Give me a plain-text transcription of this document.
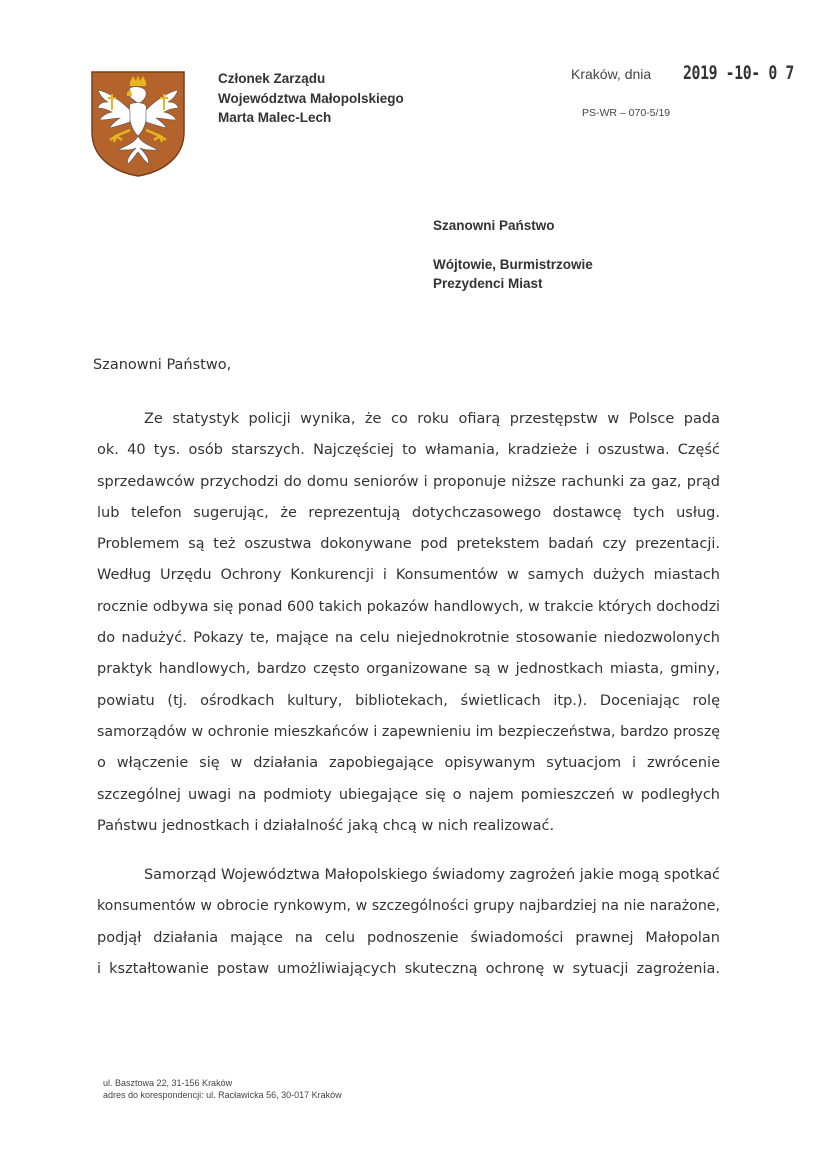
Członek Zarządu
Województwa Małopolskiego
Marta Malec-Lech
Kraków, dnia 2019 -10- 0 7
PS-WR – 070-5/19
Szanowni Państwo
Wójtowie, Burmistrzowie
Prezydenci Miast
Szanowni Państwo,

Ze statystyk policji wynika, że co roku ofiarą przestępstw w Polsce pada
ok. 40 tys. osób starszych. Najczęściej to włamania, kradzieże i oszustwa. Część
sprzedawców przychodzi do domu seniorów i proponuje niższe rachunki za gaz, prąd
lub telefon sugerując, że reprezentują dotychczasowego dostawcę tych usług.
Problemem są też oszustwa dokonywane pod pretekstem badań czy prezentacji.
Według Urzędu Ochrony Konkurencji i Konsumentów w samych dużych miastach
rocznie odbywa się ponad 600 takich pokazów handlowych, w trakcie których dochodzi
do nadużyć. Pokazy te, mające na celu niejednokrotnie stosowanie niedozwolonych
praktyk handlowych, bardzo często organizowane są w jednostkach miasta, gminy,
powiatu (tj. ośrodkach kultury, bibliotekach, świetlicach itp.). Doceniając rolę
samorządów w ochronie mieszkańców i zapewnieniu im bezpieczeństwa, bardzo proszę
o włączenie się w działania zapobiegające opisywanym sytuacjom i zwrócenie
szczególnej uwagi na podmioty ubiegające się o najem pomieszczeń w podległych
Państwu jednostkach i działalność jaką chcą w nich realizować.

Samorząd Województwa Małopolskiego świadomy zagrożeń jakie mogą spotkać
konsumentów w obrocie rynkowym, w szczególności grupy najbardziej na nie narażone,
podjął działania mające na celu podnoszenie świadomości prawnej Małopolan
i kształtowanie postaw umożliwiających skuteczną ochronę w sytuacji zagrożenia.

ul. Basztowa 22, 31-156 Kraków
adres do korespondencji: ul. Racławicka 56, 30-017 Kraków
